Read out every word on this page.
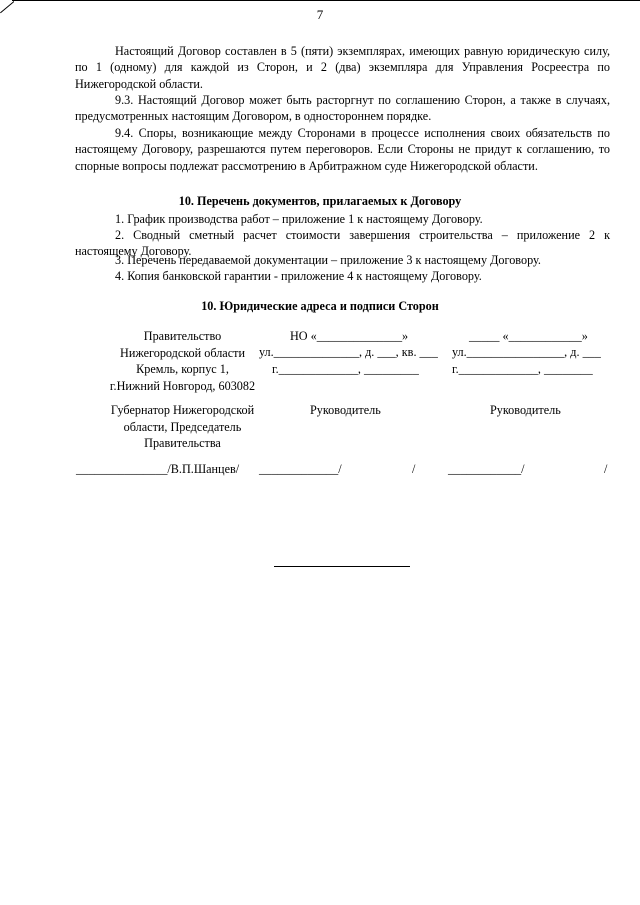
7

Настоящий Договор составлен в 5 (пяти) экземплярах, имеющих равную юридическую силу, по 1 (одному) для каждой из Сторон, и 2 (два) экземпляра для Управления Росреестра по Нижегородской области.

9.3. Настоящий Договор может быть расторгнут по соглашению Сторон, а также в случаях, предусмотренных настоящим Договором, в одностороннем порядке.

9.4. Споры, возникающие между Сторонами в процессе исполнения своих обязательств по настоящему Договору, разрешаются путем переговоров. Если Стороны не придут к соглашению, то спорные вопросы подлежат рассмотрению в Арбитражном суде Нижегородской области.

10. Перечень документов, прилагаемых к Договору

1. График производства работ – приложение 1 к настоящему Договору.

2. Сводный сметный расчет стоимости завершения строительства – приложение 2 к настоящему Договору.

3. Перечень передаваемой документации – приложение 3 к настоящему Договору.

4. Копия банковской гарантии - приложение 4 к настоящему Договору.

10. Юридические адреса и подписи Сторон
Правительство
Нижегородской области
Кремль, корпус 1,
г.Нижний Новгород, 603082
Губернатор Нижегородской
области, Председатель
Правительства
_______________/В.П.Шанцев/
НО «______________»
ул.______________, д. ___, кв. ___
г._____________, _________
Руководитель
_____________/	/
_____ «____________»
ул.________________, д. ___
г._____________, ________
Руководитель
____________/	/
